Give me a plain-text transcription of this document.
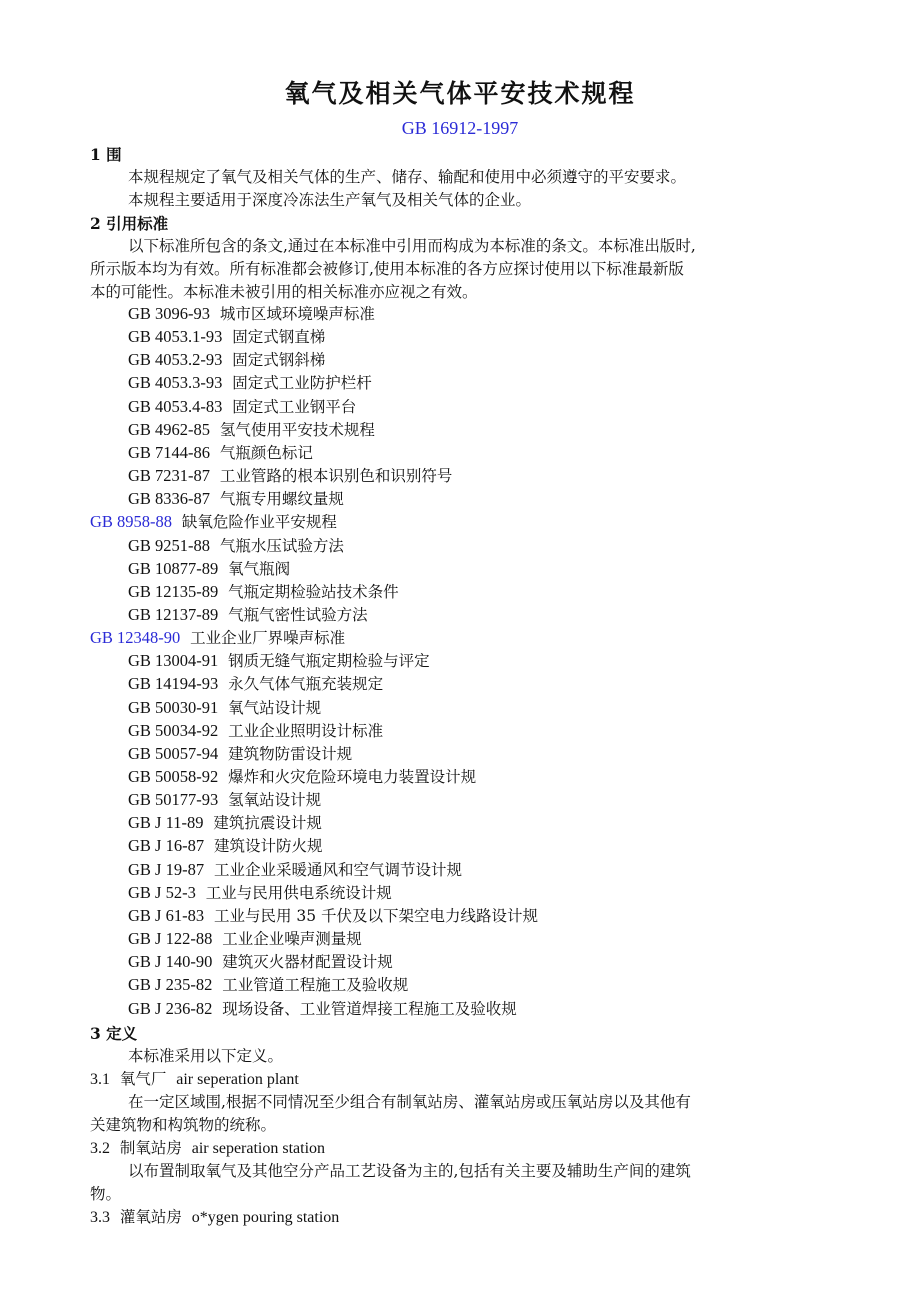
氧气及相关气体平安技术规程
GB 16912-1997
1 围
本规程规定了氧气及相关气体的生产、储存、输配和使用中必须遵守的平安要求。
本规程主要适用于深度冷冻法生产氧气及相关气体的企业。
2 引用标准
以下标准所包含的条文,通过在本标准中引用而构成为本标准的条文。本标准出版时,
所示版本均为有效。所有标准都会被修订,使用本标准的各方应探讨使用以下标准最新版
本的可能性。本标准未被引用的相关标准亦应视之有效。
GB 3096-93 城市区域环境噪声标准
GB 4053.1-93 固定式钢直梯
GB 4053.2-93 固定式钢斜梯
GB 4053.3-93 固定式工业防护栏杆
GB 4053.4-83 固定式工业钢平台
GB 4962-85 氢气使用平安技术规程
GB 7144-86 气瓶颜色标记
GB 7231-87 工业管路的根本识别色和识别符号
GB 8336-87 气瓶专用螺纹量规
GB 8958-88 缺氧危险作业平安规程
GB 9251-88 气瓶水压试验方法
GB 10877-89 氧气瓶阀
GB 12135-89 气瓶定期检验站技术条件
GB 12137-89 气瓶气密性试验方法
GB 12348-90 工业企业厂界噪声标准
GB 13004-91 钢质无缝气瓶定期检验与评定
GB 14194-93 永久气体气瓶充装规定
GB 50030-91 氧气站设计规
GB 50034-92 工业企业照明设计标准
GB 50057-94 建筑物防雷设计规
GB 50058-92 爆炸和火灾危险环境电力装置设计规
GB 50177-93 氢氧站设计规
GB J 11-89 建筑抗震设计规
GB J 16-87 建筑设计防火规
GB J 19-87 工业企业采暖通风和空气调节设计规
GB J 52-3 工业与民用供电系统设计规
GB J 61-83 工业与民用 35 千伏及以下架空电力线路设计规
GB J 122-88 工业企业噪声测量规
GB J 140-90 建筑灭火器材配置设计规
GB J 235-82 工业管道工程施工及验收规
GB J 236-82 现场设备、工业管道焊接工程施工及验收规
3 定义
本标准采用以下定义。
3.1 氧气厂 air seperation plant
在一定区域围,根据不同情况至少组合有制氧站房、灌氧站房或压氧站房以及其他有
关建筑物和构筑物的统称。
3.2 制氧站房 air seperation station
以布置制取氧气及其他空分产品工艺设备为主的,包括有关主要及辅助生产间的建筑
物。
3.3 灌氧站房 o*ygen pouring station
